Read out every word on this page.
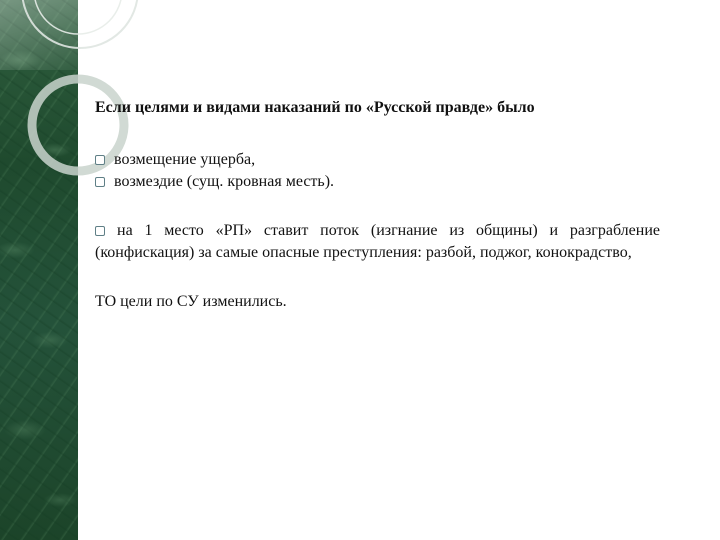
Если целями и видами наказаний по «Русской правде» было
возмещение ущерба,
возмездие (сущ. кровная месть).
на 1 место «РП» ставит поток (изгнание из общины) и разграбление (конфискация) за самые опасные преступления: разбой, поджог, конокрадство,
ТО цели по СУ изменились.
